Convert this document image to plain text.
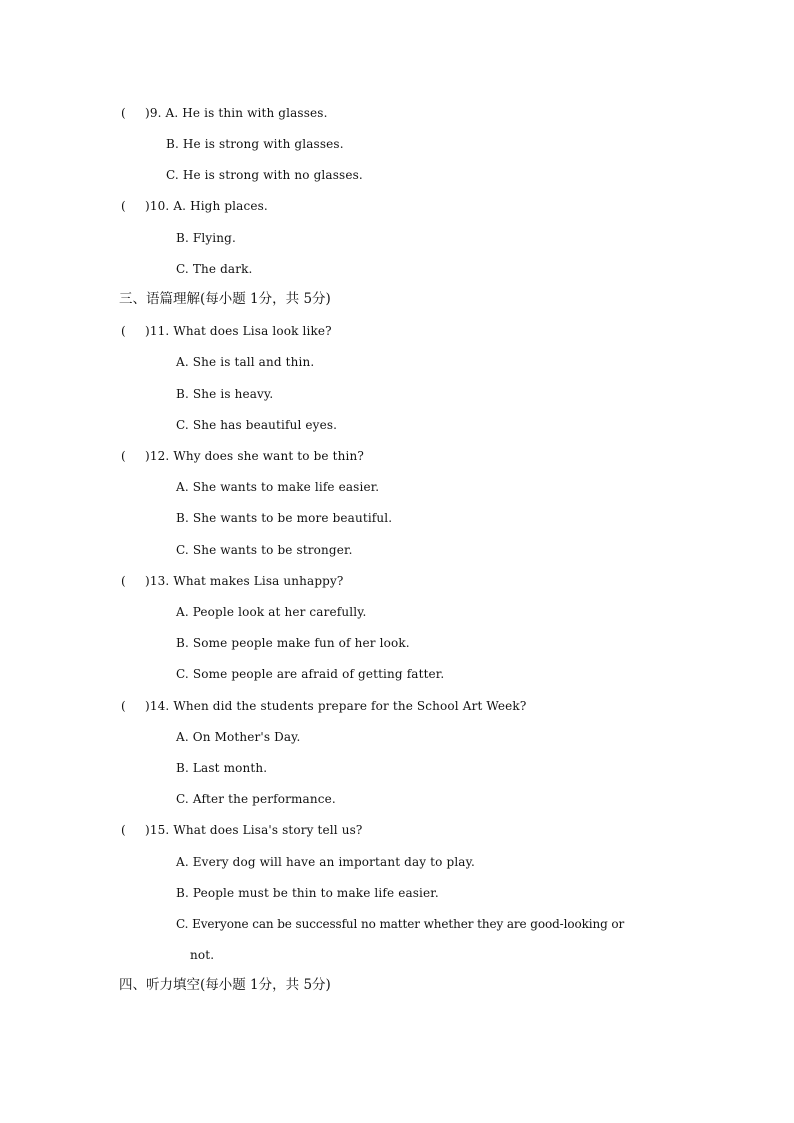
()9. A. He is thin with glasses.
B. He is strong with glasses.
C. He is strong with no glasses.
()10. A. High places.
B. Flying.
C. The dark.
三、语篇理解(每小题 1分，共 5分)
()11. What does Lisa look like?
A. She is tall and thin.
B. She is heavy.
C. She has beautiful eyes.
()12. Why does she want to be thin?
A. She wants to make life easier.
B. She wants to be more beautiful.
C. She wants to be stronger.
()13. What makes Lisa unhappy?
A. People look at her carefully.
B. Some people make fun of her look.
C. Some people are afraid of getting fatter.
()14. When did the students prepare for the School Art Week?
A. On Mother's Day.
B. Last month.
C. After the performance.
()15. What does Lisa's story tell us?
A. Every dog will have an important day to play.
B. People must be thin to make life easier.
C. Everyone can be successful no matter whether they are good-looking or
not.
四、听力填空(每小题 1分，共 5分)
